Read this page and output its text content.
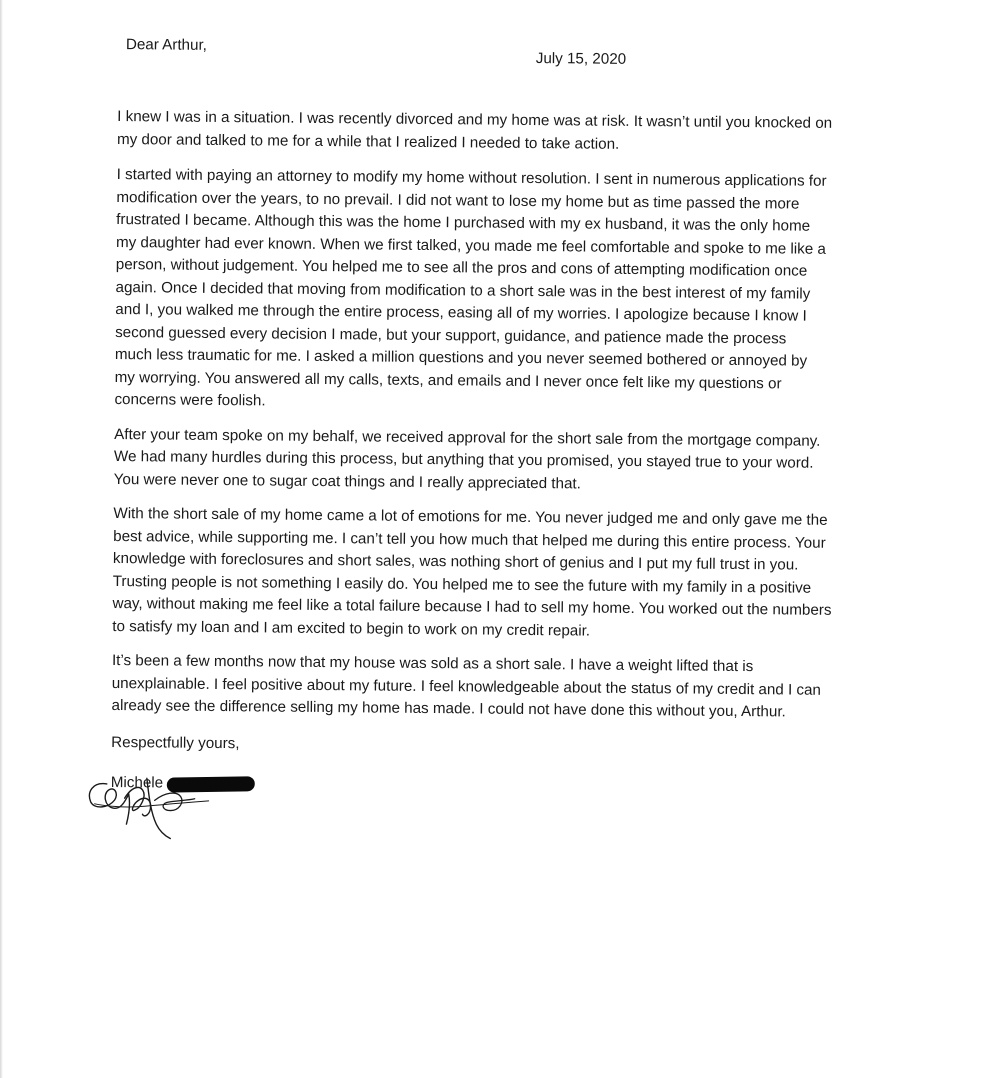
Dear Arthur,
July 15, 2020

I knew I was in a situation. I was recently divorced and my home was at risk. It wasn’t until you knocked on my door and talked to me for a while that I realized I needed to take action.

I started with paying an attorney to modify my home without resolution. I sent in numerous applications for modification over the years, to no prevail. I did not want to lose my home but as time passed the more frustrated I became. Although this was the home I purchased with my ex husband, it was the only home my daughter had ever known. When we first talked, you made me feel comfortable and spoke to me like a person, without judgement. You helped me to see all the pros and cons of attempting modification once again. Once I decided that moving from modification to a short sale was in the best interest of my family and I, you walked me through the entire process, easing all of my worries. I apologize because I know I second guessed every decision I made, but your support, guidance, and patience made the process much less traumatic for me. I asked a million questions and you never seemed bothered or annoyed by my worrying. You answered all my calls, texts, and emails and I never once felt like my questions or concerns were foolish.

After your team spoke on my behalf, we received approval for the short sale from the mortgage company. We had many hurdles during this process, but anything that you promised, you stayed true to your word. You were never one to sugar coat things and I really appreciated that.

With the short sale of my home came a lot of emotions for me. You never judged me and only gave me the best advice, while supporting me. I can’t tell you how much that helped me during this entire process. Your knowledge with foreclosures and short sales, was nothing short of genius and I put my full trust in you. Trusting people is not something I easily do. You helped me to see the future with my family in a positive way, without making me feel like a total failure because I had to sell my home. You worked out the numbers to satisfy my loan and I am excited to begin to work on my credit repair.

It’s been a few months now that my house was sold as a short sale. I have a weight lifted that is unexplainable. I feel positive about my future. I feel knowledgeable about the status of my credit and I can already see the difference selling my home has made. I could not have done this without you, Arthur.

Respectfully yours,
Michele
